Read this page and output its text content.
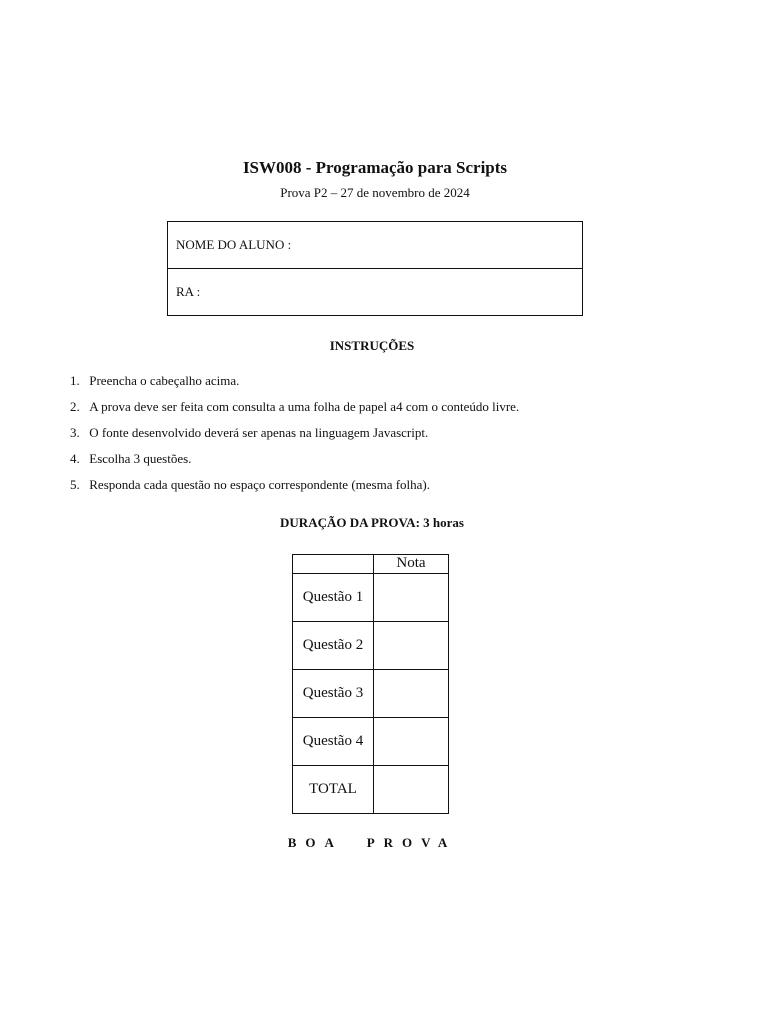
ISW008 - Programação para Scripts
Prova P2 – 27 de novembro de 2024
NOME DO ALUNO :
RA :
INSTRUÇÕES
1.
Preencha o cabeçalho acima.
2.
A prova deve ser feita com consulta a uma folha de papel a4 com o conteúdo livre.
3.
O fonte desenvolvido deverá ser apenas na linguagem Javascript.
4.
Escolha 3 questões.
5.
Responda cada questão no espaço correspondente (mesma folha).
DURAÇÃO DA PROVA: 3 horas
	Nota
Questão 1	
Questão 2	
Questão 3	
Questão 4	
TOTAL	
BOA  PROVA
